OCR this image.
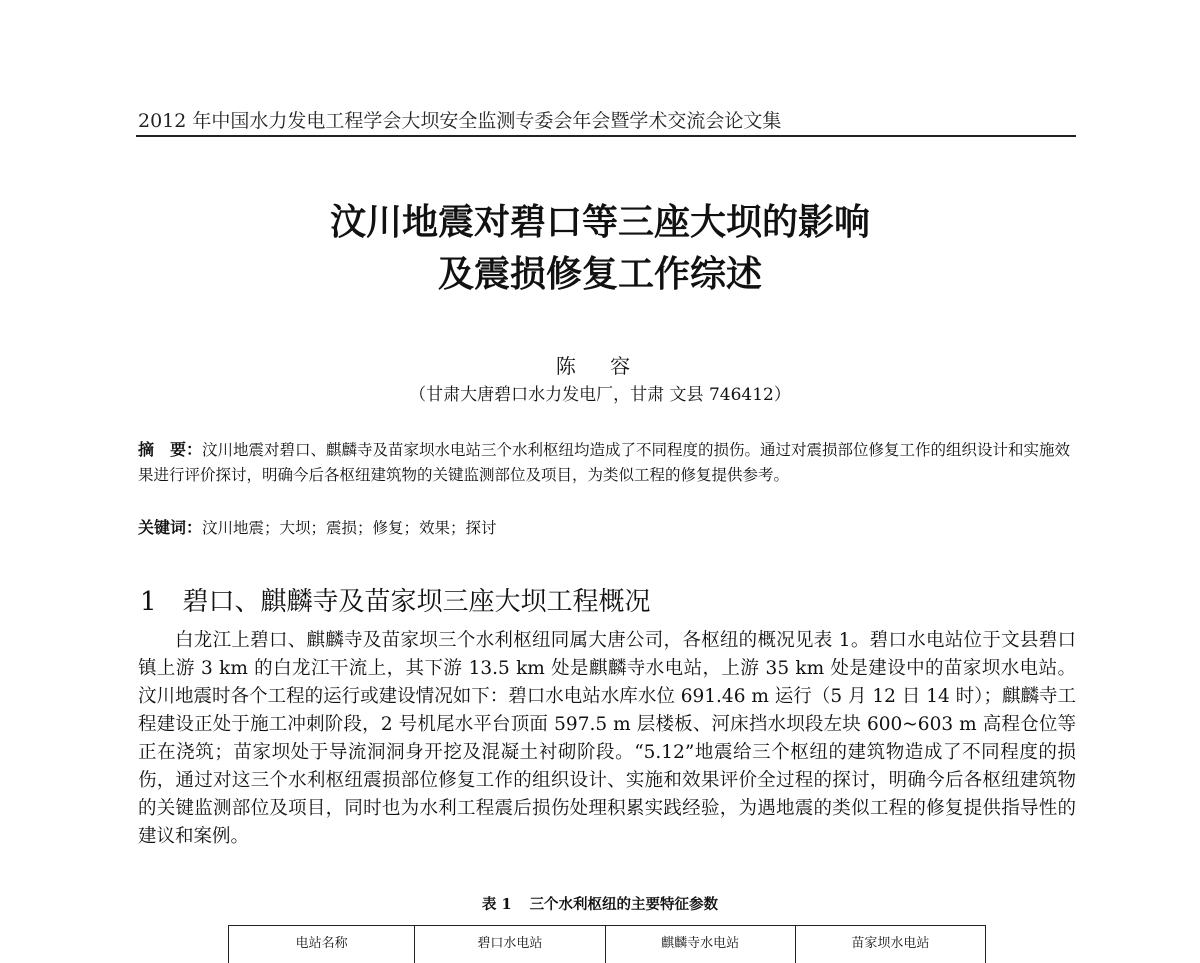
2012 年中国水力发电工程学会大坝安全监测专委会年会暨学术交流会论文集
汶川地震对碧口等三座大坝的影响
及震损修复工作综述
陈 容
（甘肃大唐碧口水力发电厂，甘肃 文县 746412）
摘　要：汶川地震对碧口、麒麟寺及苗家坝水电站三个水利枢纽均造成了不同程度的损伤。通过对震损部位修复工作的组织设计和实施效果进行评价探讨，明确今后各枢纽建筑物的关键监测部位及项目，为类似工程的修复提供参考。
关键词：汶川地震；大坝；震损；修复；效果；探讨
1 碧口、麒麟寺及苗家坝三座大坝工程概况
白龙江上碧口、麒麟寺及苗家坝三个水利枢纽同属大唐公司，各枢纽的概况见表 1。碧口水电站位于文县碧口镇上游 3 km 的白龙江干流上，其下游 13.5 km 处是麒麟寺水电站，上游 35 km 处是建设中的苗家坝水电站。 汶川地震时各个工程的运行或建设情况如下：碧口水电站水库水位 691.46 m 运行（5 月 12 日 14 时）；麒麟寺工程建设正处于施工冲刺阶段，2 号机尾水平台顶面 597.5 m 层楼板、河床挡水坝段左块 600~603 m 高程仓位等正在浇筑；苗家坝处于导流洞洞身开挖及混凝土衬砌阶段。“5.12”地震给三个枢纽的建筑物造成了不同程度的损伤，通过对这三个水利枢纽震损部位修复工作的组织设计、实施和效果评价全过程的探讨，明确今后各枢纽建筑物的关键监测部位及项目，同时也为水利工程震后损伤处理积累实践经验，为遇地震的类似工程的修复提供指导性的建议和案例。
表 1 三个水利枢纽的主要特征参数
电站名称	碧口水电站	麒麟寺水电站	苗家坝水电站
